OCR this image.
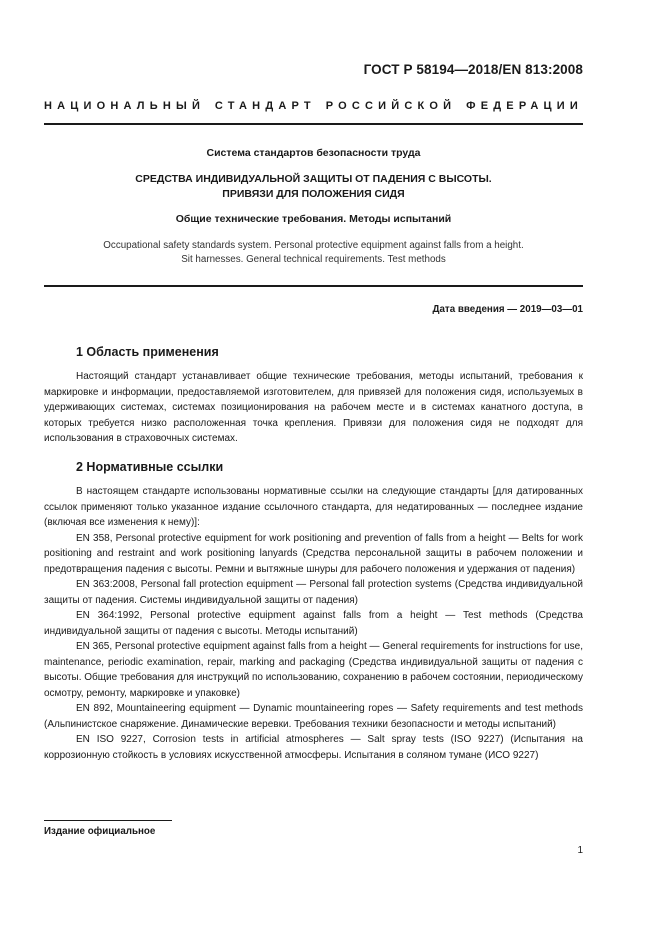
ГОСТ Р 58194—2018/EN 813:2008
НАЦИОНАЛЬНЫЙ СТАНДАРТ РОССИЙСКОЙ ФЕДЕРАЦИИ
Система стандартов безопасности труда
СРЕДСТВА ИНДИВИДУАЛЬНОЙ ЗАЩИТЫ ОТ ПАДЕНИЯ С ВЫСОТЫ.
ПРИВЯЗИ ДЛЯ ПОЛОЖЕНИЯ СИДЯ
Общие технические требования. Методы испытаний
Occupational safety standards system. Personal protective equipment against falls from a height.
Sit harnesses. General technical requirements. Test methods
Дата введения — 2019—03—01
1 Область применения

Настоящий стандарт устанавливает общие технические требования, методы испытаний, требования к маркировке и информации, предоставляемой изготовителем, для привязей для положения сидя, используемых в удерживающих системах, системах позиционирования на рабочем месте и в системах канатного доступа, в которых требуется низко расположенная точка крепления. Привязи для положения сидя не подходят для использования в страховочных системах.

2 Нормативные ссылки

В настоящем стандарте использованы нормативные ссылки на следующие стандарты [для датированных ссылок применяют только указанное издание ссылочного стандарта, для недатированных — последнее издание (включая все изменения к нему)]:

EN 358, Personal protective equipment for work positioning and prevention of falls from a height — Belts for work positioning and restraint and work positioning lanyards (Средства персональной защиты в рабочем положении и предотвращения падения с высоты. Ремни и вытяжные шнуры для рабочего положения и удержания от падения)

EN 363:2008, Personal fall protection equipment — Personal fall protection systems (Средства индивидуальной защиты от падения. Системы индивидуальной защиты от падения)

EN 364:1992, Personal protective equipment against falls from a height — Test methods (Средства индивидуальной защиты от падения с высоты. Методы испытаний)

EN 365, Personal protective equipment against falls from a height — General requirements for instructions for use, maintenance, periodic examination, repair, marking and packaging (Средства индивидуальной защиты от падения с высоты. Общие требования для инструкций по использованию, сохранению в рабочем состоянии, периодическому осмотру, ремонту, маркировке и упаковке)

EN 892, Mountaineering equipment — Dynamic mountaineering ropes — Safety requirements and test methods (Альпинистское снаряжение. Динамические веревки. Требования техники безопасности и методы испытаний)

EN ISO 9227, Corrosion tests in artificial atmospheres — Salt spray tests (ISO 9227) (Испытания на коррозионную стойкость в условиях искусственной атмосферы. Испытания в соляном тумане (ИСО 9227)

Издание официальное
1
